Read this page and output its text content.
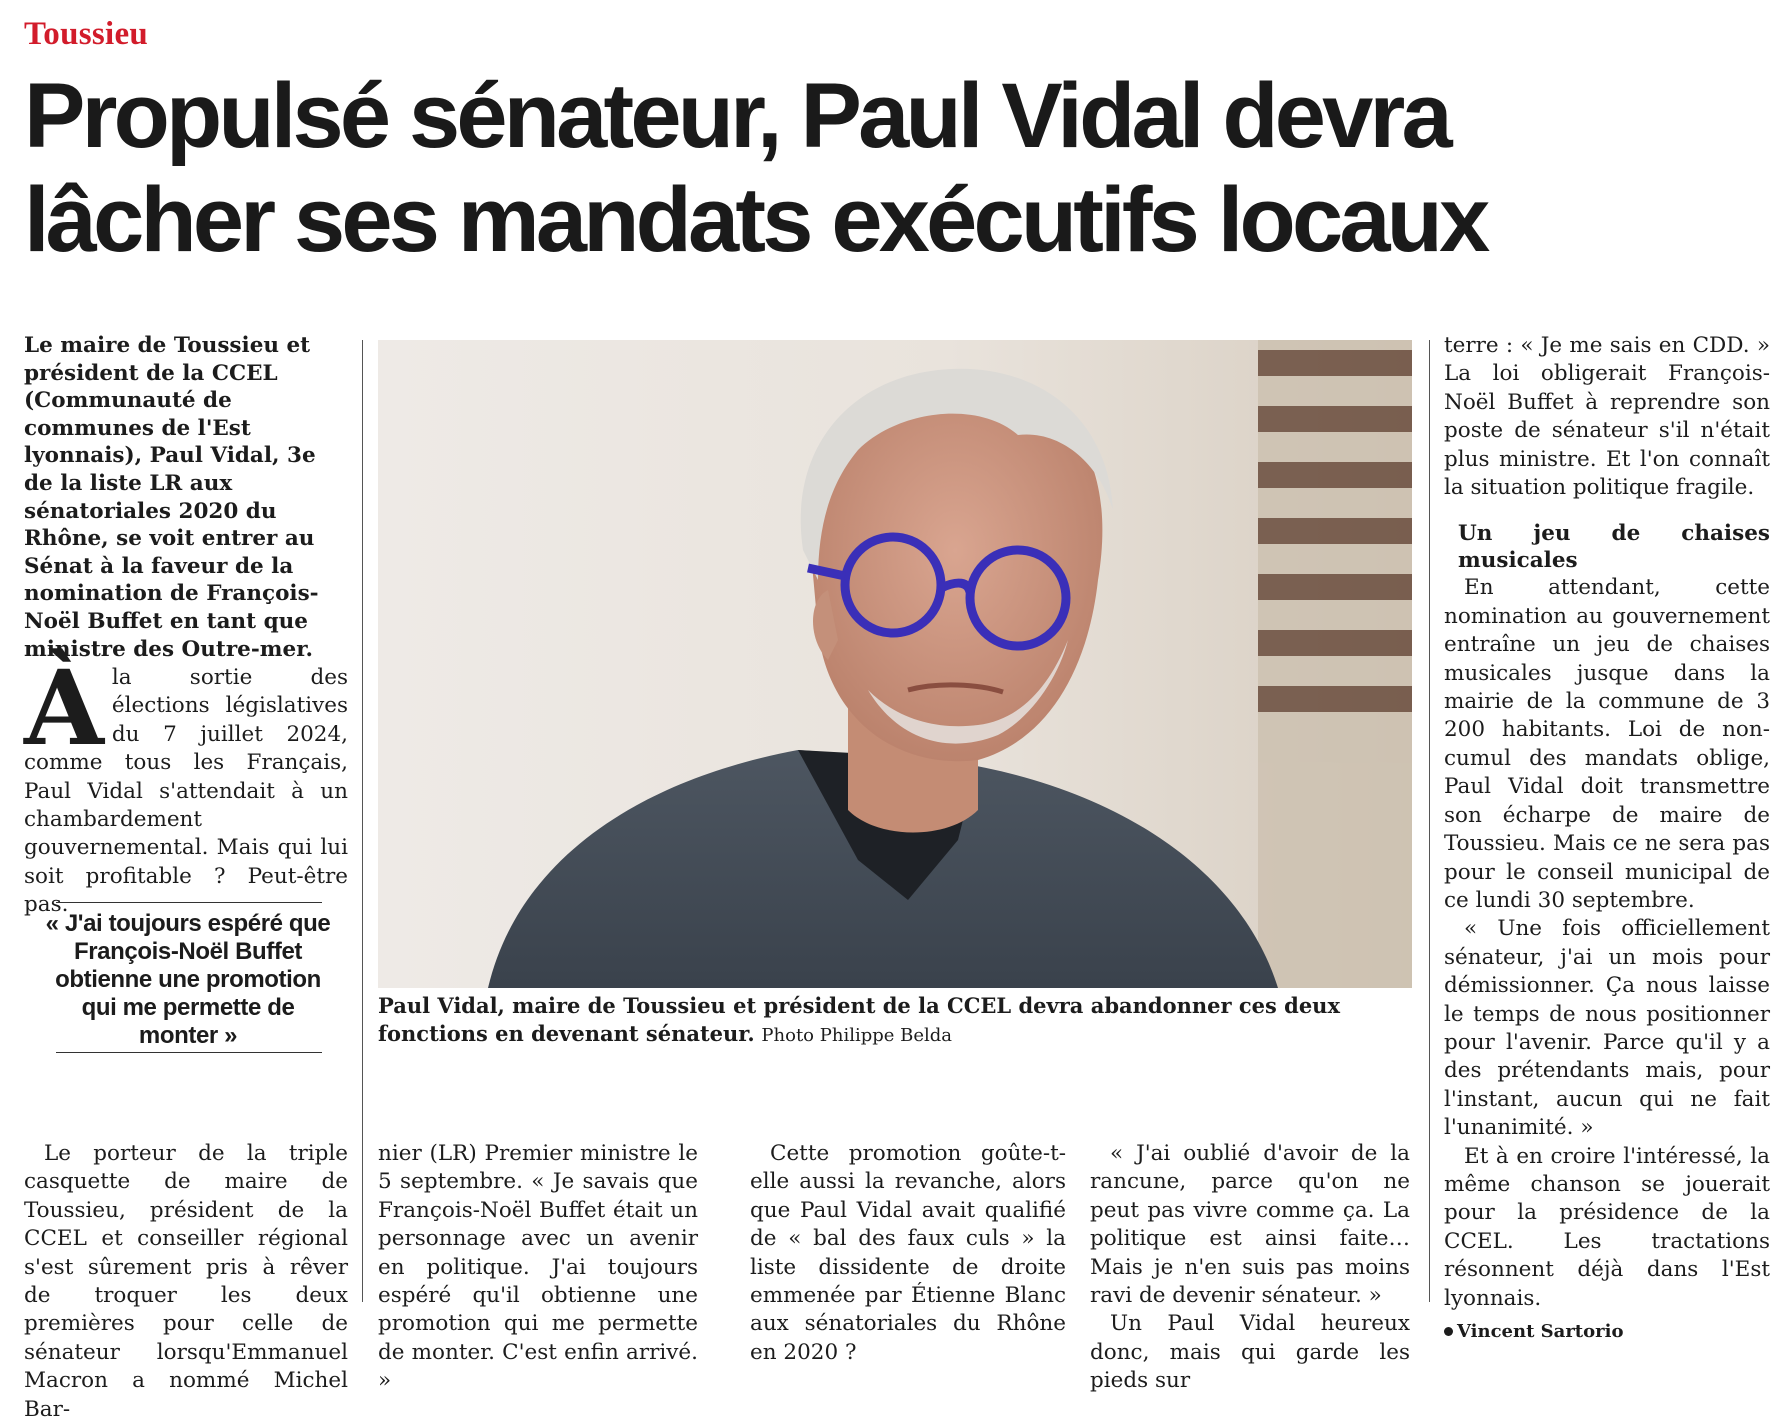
Toussieu
Propulsé sénateur, Paul Vidal devra
lâcher ses mandats exécutifs locaux

Le maire de Toussieu et président de la CCEL (Communauté de communes de l'Est lyonnais), Paul Vidal, 3e de la liste LR aux sénatoriales 2020 du Rhône, se voit entrer au Sénat à la faveur de la nomination de François-Noël Buffet en tant que ministre des Outre-mer.

À la sortie des élections législatives du 7 juillet 2024, comme tous les Français, Paul Vidal s'attendait à un chambardement gouvernemental. Mais qui lui soit profitable ? Peut-être pas.

« J'ai toujours espéré que François-Noël Buffet obtienne une promotion qui me permette de monter »

Paul Vidal, maire de Toussieu et président de la CCEL devra abandonner ces deux fonctions en devenant sénateur. Photo Philippe Belda

Le porteur de la triple casquette de maire de Toussieu, président de la CCEL et conseiller régional s'est sûrement pris à rêver de troquer les deux premières pour celle de sénateur lorsqu'Emmanuel Macron a nommé Michel Bar-

nier (LR) Premier ministre le 5 septembre. « Je savais que François-Noël Buffet était un personnage avec un avenir en politique. J'ai toujours espéré qu'il obtienne une promotion qui me permette de monter. C'est enfin arrivé. »

Cette promotion goûte-t-elle aussi la revanche, alors que Paul Vidal avait qualifié de « bal des faux culs » la liste dissidente de droite emmenée par Étienne Blanc aux sénatoriales du Rhône en 2020 ?

« J'ai oublié d'avoir de la rancune, parce qu'on ne peut pas vivre comme ça. La politique est ainsi faite… Mais je n'en suis pas moins ravi de devenir sénateur. »

Un Paul Vidal heureux donc, mais qui garde les pieds sur

terre : « Je me sais en CDD. » La loi obligerait François-Noël Buffet à reprendre son poste de sénateur s'il n'était plus ministre. Et l'on connaît la situation politique fragile.

Un jeu de chaises musicales

En attendant, cette nomination au gouvernement entraîne un jeu de chaises musicales jusque dans la mairie de la commune de 3 200 habitants. Loi de non-cumul des mandats oblige, Paul Vidal doit transmettre son écharpe de maire de Toussieu. Mais ce ne sera pas pour le conseil municipal de ce lundi 30 septembre.

« Une fois officiellement sénateur, j'ai un mois pour démissionner. Ça nous laisse le temps de nous positionner pour l'avenir. Parce qu'il y a des prétendants mais, pour l'instant, aucun qui ne fait l'unanimité. »

Et à en croire l'intéressé, la même chanson se jouerait pour la présidence de la CCEL. Les tractations résonnent déjà dans l'Est lyonnais.

Vincent Sartorio
